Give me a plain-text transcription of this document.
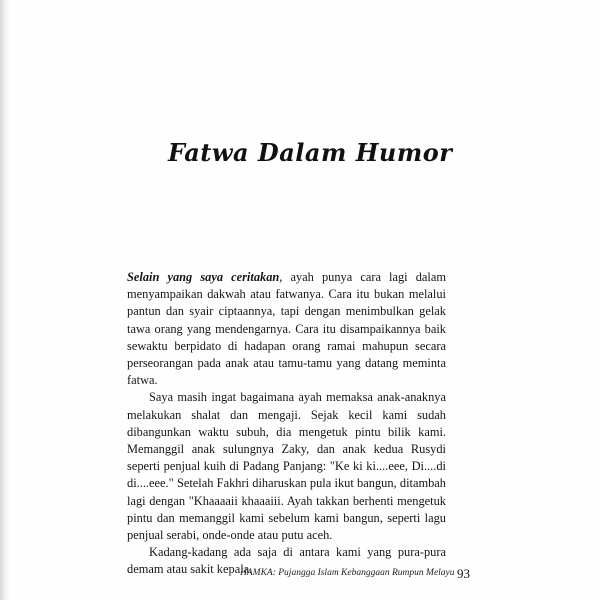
Fatwa Dalam Humor

Selain yang saya ceritakan, ayah punya cara lagi dalam menyampaikan dakwah atau fatwanya. Cara itu bukan melalui pantun dan syair ciptaannya, tapi dengan menimbulkan gelak tawa orang yang mendengarnya. Cara itu disampaikannya baik sewaktu berpidato di hadapan orang ramai mahupun secara perseorangan pada anak atau tamu-tamu yang datang meminta fatwa.

Saya masih ingat bagaimana ayah memaksa anak-anaknya melakukan shalat dan mengaji. Sejak kecil kami sudah dibangunkan waktu subuh, dia mengetuk pintu bilik kami. Memanggil anak sulungnya Zaky, dan anak kedua Rusydi seperti penjual kuih di Padang Panjang: "Ke ki ki....eee, Di....di di....eee." Setelah Fakhri diharuskan pula ikut bangun, ditambah lagi dengan "Khaaaaii khaaaiii. Ayah takkan berhenti mengetuk pintu dan memanggil kami sebelum kami bangun, seperti lagu penjual serabi, onde-onde atau putu aceh.

Kadang-kadang ada saja di antara kami yang pura-pura demam atau sakit kepala.

HAMKA: Pujangga Islam Kebanggaan Rumpun Melayu 93
